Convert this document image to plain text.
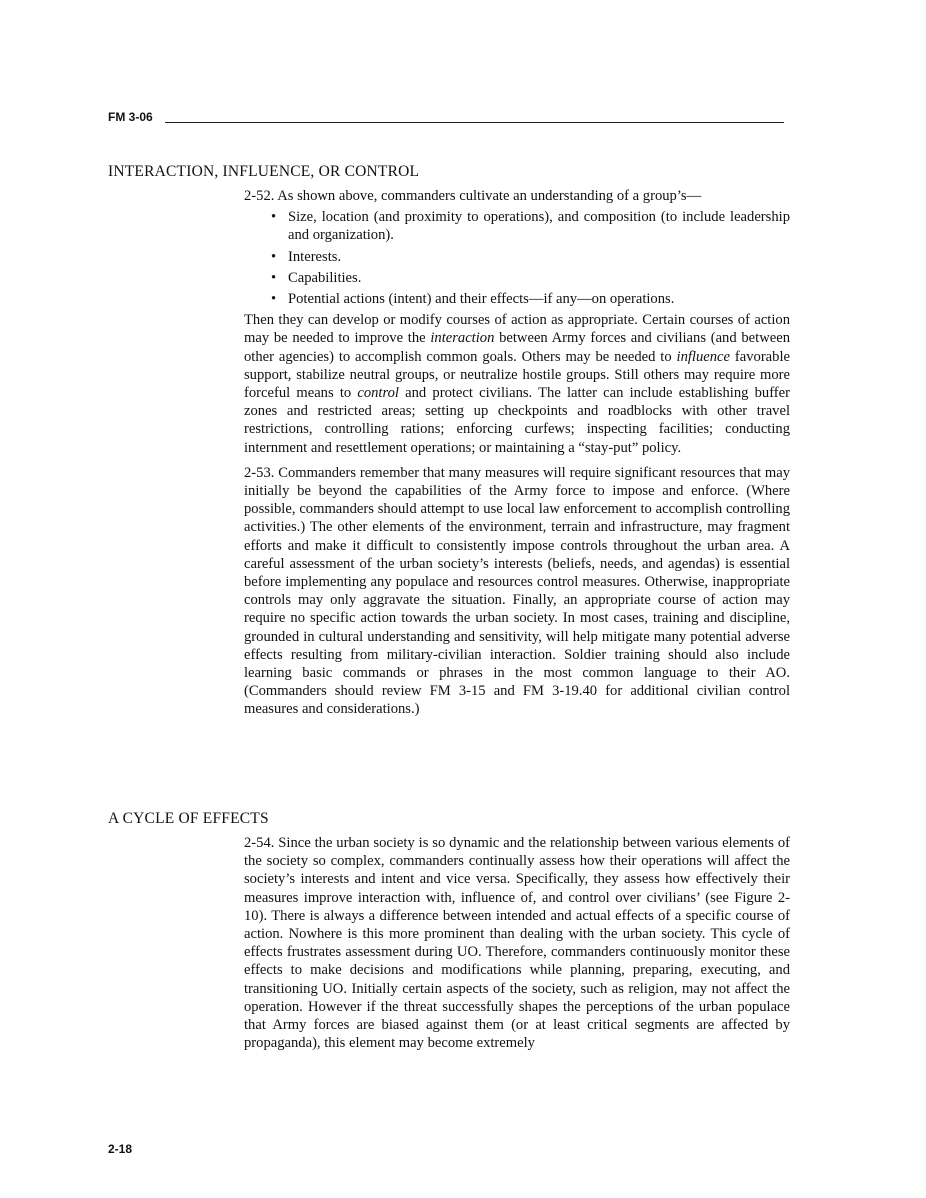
FM 3-06
INTERACTION, INFLUENCE, OR CONTROL

2-52. As shown above, commanders cultivate an understanding of a group’s—

• Size, location (and proximity to operations), and composition (to include leadership and organization).
• Interests.
• Capabilities.
• Potential actions (intent) and their effects—if any—on operations.

Then they can develop or modify courses of action as appropriate. Certain courses of action may be needed to improve the interaction between Army forces and civilians (and between other agencies) to accomplish common goals. Others may be needed to influence favorable support, stabilize neutral groups, or neutralize hostile groups. Still others may require more forceful means to control and protect civilians. The latter can include establishing buffer zones and restricted areas; setting up checkpoints and roadblocks with other travel restrictions, controlling rations; enforcing curfews; inspecting facilities; conducting internment and resettlement operations; or maintaining a “stay-put” policy.

2-53. Commanders remember that many measures will require significant resources that may initially be beyond the capabilities of the Army force to impose and enforce. (Where possible, commanders should attempt to use local law enforcement to accomplish controlling activities.) The other elements of the environment, terrain and infrastructure, may fragment efforts and make it difficult to consistently impose controls throughout the urban area. A careful assessment of the urban society’s interests (beliefs, needs, and agendas) is essential before implementing any populace and resources control measures. Otherwise, inappropriate controls may only aggravate the situation. Finally, an appropriate course of action may require no specific action towards the urban society. In most cases, training and discipline, grounded in cultural understanding and sensitivity, will help mitigate many potential adverse effects resulting from military-civilian interaction. Soldier training should also include learning basic commands or phrases in the most common language to their AO. (Commanders should review FM 3-15 and FM 3-19.40 for additional civilian control measures and considerations.)

A CYCLE OF EFFECTS

2-54. Since the urban society is so dynamic and the relationship between various elements of the society so complex, commanders continually assess how their operations will affect the society’s interests and intent and vice versa. Specifically, they assess how effectively their measures improve interaction with, influence of, and control over civilians’ (see Figure 2-10). There is always a difference between intended and actual effects of a specific course of action. Nowhere is this more prominent than dealing with the urban society. This cycle of effects frustrates assessment during UO. Therefore, commanders continuously monitor these effects to make decisions and modifications while planning, preparing, executing, and transitioning UO. Initially certain aspects of the society, such as religion, may not affect the operation. However if the threat successfully shapes the perceptions of the urban populace that Army forces are biased against them (or at least critical segments are affected by propaganda), this element may become extremely

2-18
